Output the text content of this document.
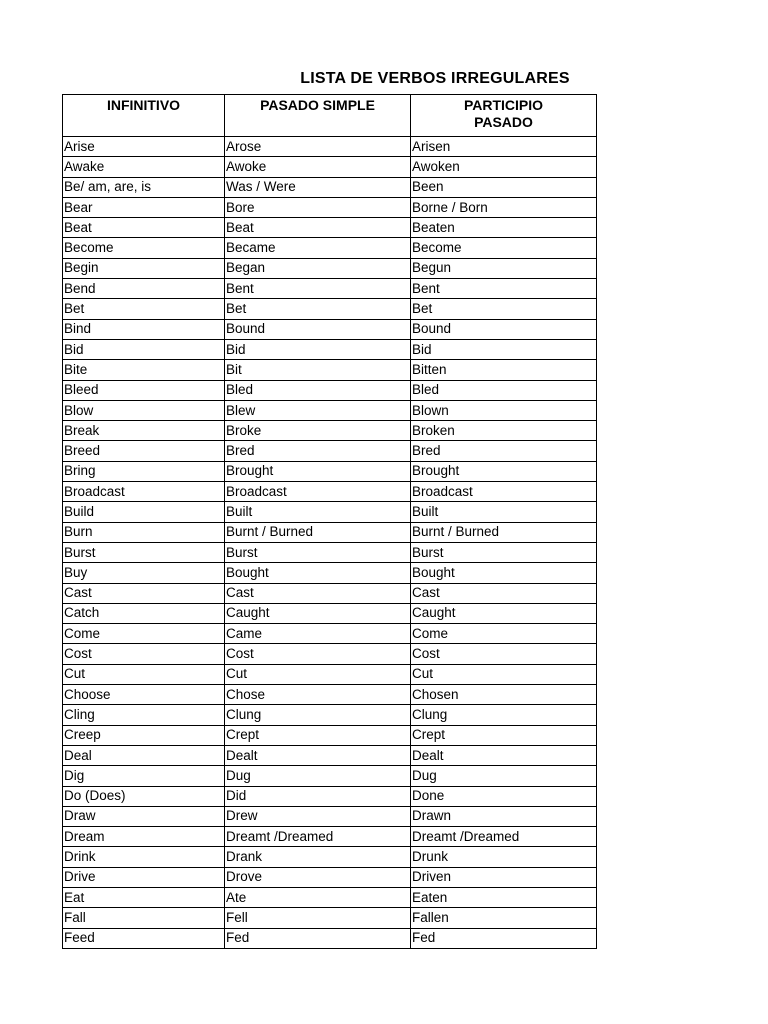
LISTA DE VERBOS IRREGULARES
INFINITIVO	PASADO SIMPLE	PARTICIPIO
PASADO
Arise	Arose	Arisen
Awake	Awoke	Awoken
Be/ am, are, is	Was / Were	Been
Bear	Bore	Borne / Born
Beat	Beat	Beaten
Become	Became	Become
Begin	Began	Begun
Bend	Bent	Bent
Bet	Bet	Bet
Bind	Bound	Bound
Bid	Bid	Bid
Bite	Bit	Bitten
Bleed	Bled	Bled
Blow	Blew	Blown
Break	Broke	Broken
Breed	Bred	Bred
Bring	Brought	Brought
Broadcast	Broadcast	Broadcast
Build	Built	Built
Burn	Burnt / Burned	Burnt / Burned
Burst	Burst	Burst
Buy	Bought	Bought
Cast	Cast	Cast
Catch	Caught	Caught
Come	Came	Come
Cost	Cost	Cost
Cut	Cut	Cut
Choose	Chose	Chosen
Cling	Clung	Clung
Creep	Crept	Crept
Deal	Dealt	Dealt
Dig	Dug	Dug
Do (Does)	Did	Done
Draw	Drew	Drawn
Dream	Dreamt /Dreamed	Dreamt /Dreamed
Drink	Drank	Drunk
Drive	Drove	Driven
Eat	Ate	Eaten
Fall	Fell	Fallen
Feed	Fed	Fed
